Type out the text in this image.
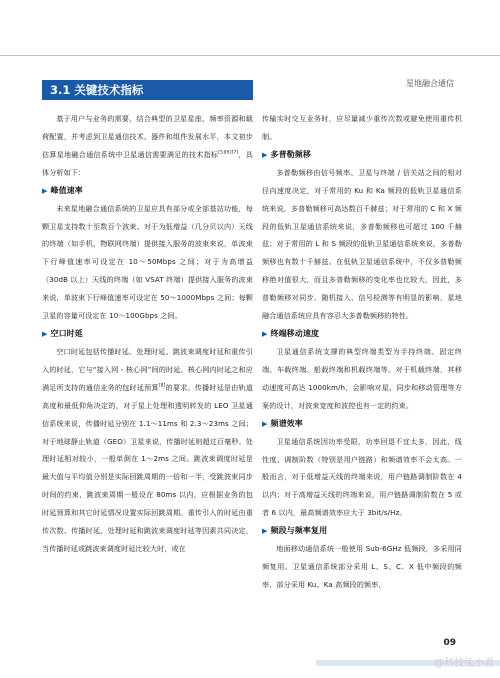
星地融合通信
3.1 关键技术指标

基于用户与业务的需要，结合典型的卫星星座、频率资源和载荷配置，并考虑到卫星通信技术、器件和组件发展水平，本文初步估算星地融合通信系统中卫星通信需要满足的技术指标[5][6][7]，具体分析如下：

▶ 峰值速率

未来星地融合通信系统的卫星应具有部分或全部基站功能，每颗卫星支持数十至数百个波束。对于为低增益（几分贝以内）天线的终端（如手机、物联网终端）提供接入服务的波束来说，单波束下行峰值速率可设定在 10～50Mbps 之间；对于为高增益（30dB 以上）天线的终端（如 VSAT 终端）提供接入服务的波束来说，单波束下行峰值速率可设定在 50～1000Mbps 之间；每颗卫星的容量可设定在 10～100Gbps 之间。

▶ 空口时延

空口时延包括传播时延、处理时延、跳波束调度时延和重传引入的时延，它与“接入网 - 核心网”间的时延、核心网内时延之和应满足所支持的通信业务的包时延预算[8]的要求。传播时延是由轨道高度和最低仰角决定的，对于星上处理和透明转发的 LEO 卫星通信系统来说，传播时延分别在 1.1～11ms 和 2.3～23ms 之间；对于地球静止轨道（GEO）卫星来说，传播时延则超过百毫秒。处理时延相对较小，一般单倒在 1～2ms 之间。跳波束调度时延是最大值与平均值分别是实际回跳周期的一倍和一半，受跳波束同步时间的约束，跳波束周期一般设在 80ms 以内，应根据业务的包时延预算和其它时延情况设置实际回跳周期。重传引入的时延由重传次数、传播时延、处理时延和跳波束调度时延等因素共同决定，当传播时延或跳波束调度时延比较大时，或在

传输实时交互业务时，应尽量减少重传次数或避免使用重传机制。

▶ 多普勒频移

多普勒频移由信号频率、卫星与终端 / 信关站之间的相对径向速度决定，对于常用的 Ku 和 Ka 频段的低轨卫星通信系统来说，多普勒频移可高达数百千赫兹；对于常用的 C 和 X 频段的低轨卫星通信系统来说，多普勒频移也可超过 100 千赫兹；对于常用的 L 和 S 频段的低轨卫星通信系统来说，多普勒频移也有数十千赫兹。在低轨卫星通信系统中，不仅多普勒频移绝对值很大，而且多普勒频移的变化率也比较大，因此，多普勒频移对同步、随机接入、信号检测等有明显的影响，星地融合通信系统应具有容忍大多普勒频移的特性。

▶ 终端移动速度

卫星通信系统支撑的典型终端类型为手持终端、固定终端、车载终端、船载终端和机载终端等。对于机载终端，其移动速度可高达 1000km/h，会影响对星、同步和移动管理等方案的设计，对波束宽度和波控也有一定的约束。

▶ 频谱效率

卫星通信系统因功率受限，功率回退不宜太多，因此，线性度、调制阶数（特别是用户链路）和频谱效率不会太高。一般而言，对于低增益天线的终端来说，用户链路调制阶数在 4 以内；对于高增益天线的终端来说，用户链路调制阶数在 5 或者 6 以内，最高频谱效率应大于 3bit/s/Hz。

▶ 频段与频率复用

地面移动通信系统一般使用 Sub-6GHz 低频段，多采用同频复用。卫星通信系统部分采用 L、S、C、X 低中频段的频率，部分采用 Ku、Ka 高频段的频率，

09
@科技兔小喜
